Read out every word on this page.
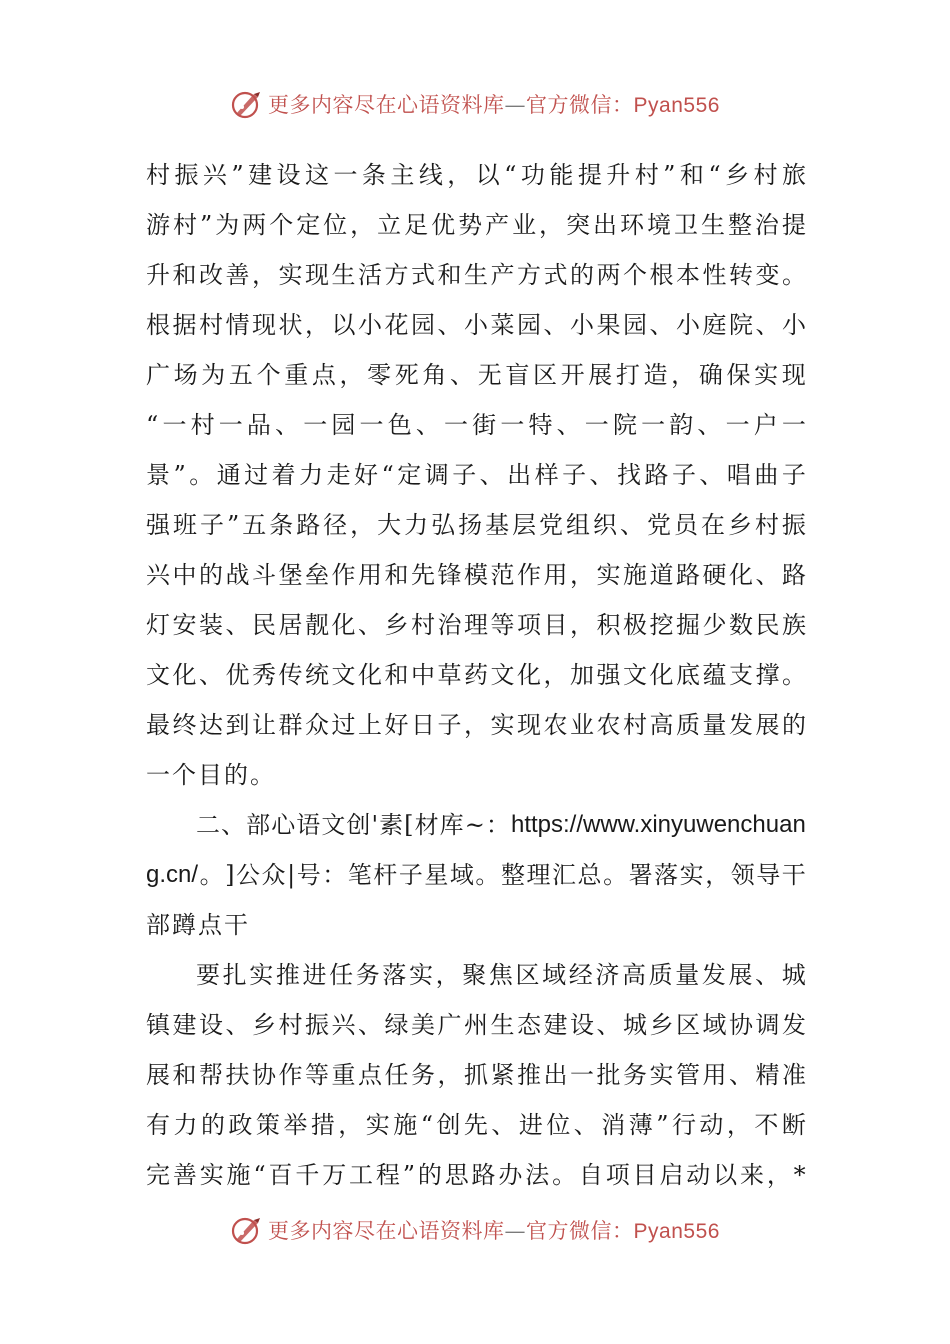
更多内容尽在心语资料库—官方微信：Pyan556
村 振 兴 ” 建 设 这 一 条 主 线 ， 以 “ 功 能 提 升 村 ” 和 “ 乡 村 旅
游 村 ” 为 两 个 定 位 ， 立 足 优 势 产 业 ， 突 出 环 境 卫 生 整 治 提
升 和 改 善 ， 实 现 生 活 方 式 和 生 产 方 式 的 两 个 根 本 性 转 变 。
根 据 村 情 现 状 ， 以 小 花 园 、 小 菜 园 、 小 果 园 、 小 庭 院 、 小
广 场 为 五 个 重 点 ， 零 死 角 、 无 盲 区 开 展 打 造 ， 确 保 实 现
“ 一 村 一 品 、 一 园 一 色 、 一 街 一 特 、 一 院 一 韵 、 一 户 一
景 ” 。 通 过 着 力 走 好 “ 定 调 子 、 出 样 子 、 找 路 子 、 唱 曲 子
强 班 子 ” 五 条 路 径 ， 大 力 弘 扬 基 层 党 组 织 、 党 员 在 乡 村 振
兴 中 的 战 斗 堡 垒 作 用 和 先 锋 模 范 作 用 ， 实 施 道 路 硬 化 、 路
灯 安 装 、 民 居 靓 化 、 乡 村 治 理 等 项 目 ， 积 极 挖 掘 少 数 民 族
文 化 、 优 秀 传 统 文 化 和 中 草 药 文 化 ， 加 强 文 化 底 蕴 支 撑 。
最 终 达 到 让 群 众 过 上 好 日 子 ， 实 现 农 业 农 村 高 质 量 发 展 的
一个目的。
二 、 部 心 语 文 创 ' 素 [ 材 库 ~ ： https://www.xinyuwenchuan
g.cn/ 。 ] 公 众 | 号 ： 笔 杆 子 星 域 。 整 理 汇 总 。 署 落 实 ， 领 导 干
部蹲点干
要 扎 实 推 进 任 务 落 实 ， 聚 焦 区 域 经 济 高 质 量 发 展 、 城
镇 建 设 、 乡 村 振 兴 、 绿 美 广 州 生 态 建 设 、 城 乡 区 域 协 调 发
展 和 帮 扶 协 作 等 重 点 任 务 ， 抓 紧 推 出 一 批 务 实 管 用 、 精 准
有 力 的 政 策 举 措 ， 实 施 “ 创 先 、 进 位 、 消 薄 ” 行 动 ， 不 断
完 善 实 施 “ 百 千 万 工 程 ” 的 思 路 办 法 。 自 项 目 启 动 以 来 ， *
更多内容尽在心语资料库—官方微信：Pyan556
